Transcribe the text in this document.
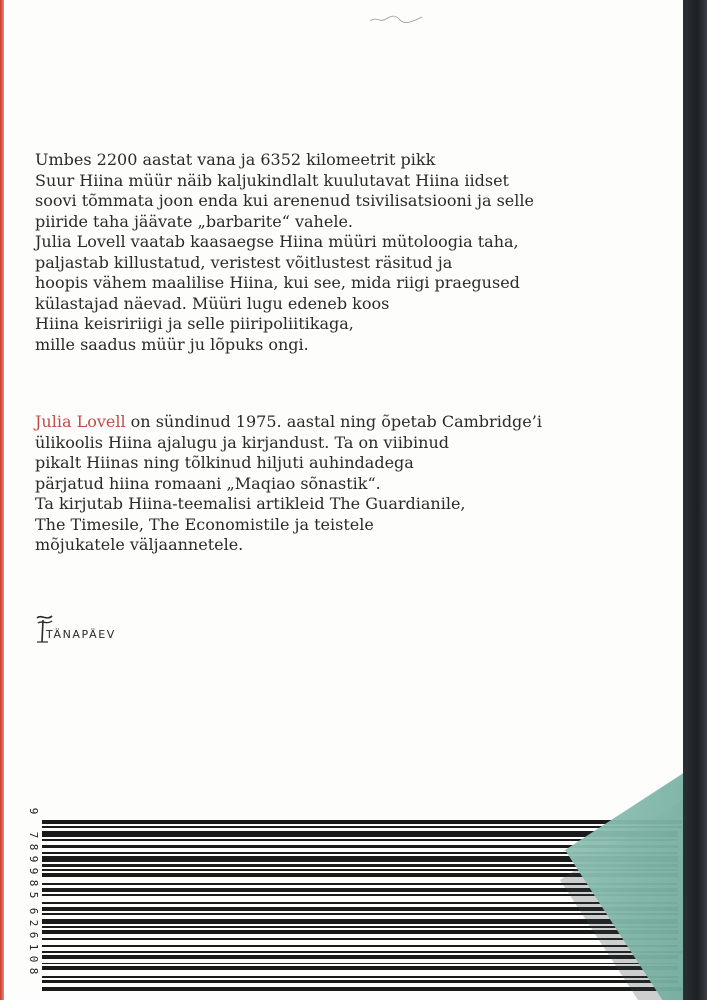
Umbes 2200 aastat vana ja 6352 kilomeetrit pikk
Suur Hiina müür näib kaljukindlalt kuulutavat Hiina iidset
soovi tõmmata joon enda kui arenenud tsivilisatsiooni ja selle
piiride taha jäävate „barbarite“ vahele.
Julia Lovell vaatab kaasaegse Hiina müüri mütoloogia taha,
paljastab killustatud, veristest võitlustest räsitud ja
hoopis vähem maalilise Hiina, kui see, mida riigi praegused
külastajad näevad. Müüri lugu edeneb koos
Hiina keisririigi ja selle piiripoliitikaga,
mille saadus müür ju lõpuks ongi.
Julia Lovell on sündinud 1975. aastal ning õpetab Cambridge’i
ülikoolis Hiina ajalugu ja kirjandust. Ta on viibinud
pikalt Hiinas ning tõlkinud hiljuti auhindadega
pärjatud hiina romaani „Maqiao sõnastik“.
Ta kirjutab Hiina-teemalisi artikleid The Guardianile,
The Timesile, The Economistile ja teistele
mõjukatele väljaannetele.
TÄNAPÄEV
9
7
8
9
9
8
5
6
2
6
1
0
8
